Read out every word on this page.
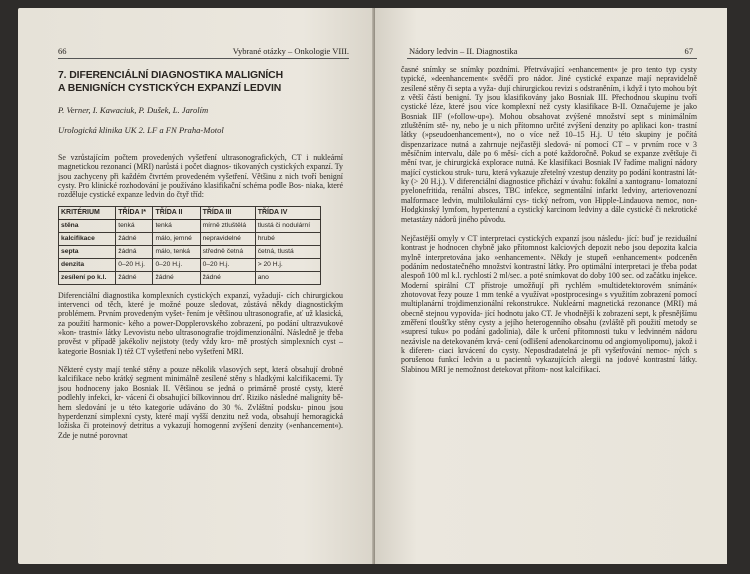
66	Vybrané otázky – Onkologie VIII.
7. DIFERENCIÁLNÍ DIAGNOSTIKA MALIGNÍCH
A BENIGNÍCH CYSTICKÝCH EXPANZÍ LEDVIN
P. Verner, I. Kawaciuk, P. Dušek, L. Jarolím
Urologická klinika UK 2. LF a FN Praha-Motol

Se vzrůstajícím počtem provedených vyšetření ultrasonografických, CT i nukleární magnetickou rezonancí (MRI) narůstá i počet diagnos- tikovaných cystických expanzí. Ty jsou zachyceny při každém čtvrtém provedeném vyšetření. Většinu z nich tvoří benigní cysty. Pro klinické rozhodování je používáno klasifikační schéma podle Bos- niaka, které rozděluje cystické expanze ledvin do čtyř tříd:

KRITÉRIUM	TŘÍDA I*	TŘÍDA II	TŘÍDA III	TŘÍDA IV
stěna	tenká	tenká	mírně ztluštělá	tlustá či nodulární
kalcifikace	žádné	málo, jemné	nepravidelné	hrubé
septa	žádná	málo, tenká	středně četná	četná, tlustá
denzita	0–20 H.j.	0–20 H.j.	0–20 H.j.	> 20 H.j.
zesílení po k.l.	žádné	žádné	žádné	ano

Diferenciální diagnostika komplexních cystických expanzí, vyžadují- cích chirurgickou intervenci od těch, které je možné pouze sledovat, zůstává někdy diagnostickým problémem. Prvním provedeným vyšet- řením je většinou ultrasonografie, ať už klasická, za použití harmonic- kého a power-Dopplerovského zobrazení, po podání ultrazvukové »kon- trastní« látky Levovistu nebo ultrasonografie trojdimenzionální. Následně je třeba prověst v případě jakékoliv nejistoty (tedy vždy kro- mě prostých simplexních cyst – kategorie Bosniak I) též CT vyšetření nebo vyšetření MRI.

Některé cysty mají tenké stěny a pouze několik vlasových sept, která obsahují drobné kalcifikace nebo krátký segment minimálně zesílené stěny s hladkými kalcifikacemi. Ty jsou hodnoceny jako Bosniak II. Většinou se jedná o primárně prosté cysty, které podlehly infekci, kr- vácení či obsahující bílkovinnou drť. Riziko následné maligníty bě- hem sledování je u této kategorie udáváno do 30 %. Zvláštní podsku- pinou jsou hyperdenzní simplexní cysty, které mají vyšší denzitu než voda, obsahují hemoragická ložiska či proteinový detritus a vykazují homogenní zvýšení denzity (»enhancement«). Zde je nutné porovnat

Nádory ledvin – II. Diagnostika	67

časné snímky se snímky pozdními. Přetrvávající »enhancement« je pro tento typ cysty typické, »deenhancement« svědčí pro nádor. Jiné cystické expanze mají nepravidelně zesílené stěny či septa a vyža- dují chirurgickou revizi s odstraněním, i když i tyto mohou být z větší části benigní. Ty jsou klasifikovány jako Bosniak III. Přechodnou skupinu tvoří cystické léze, které jsou více komplexní než cysty klasifikace B-II. Označujeme je jako Bosniak IIF (»follow-up«). Mohou obsahovat zvýšené množství sept s minimálním ztluštěním stě- ny, nebo je u nich přítomno určité zvýšení denzity po aplikaci kon- trastní látky (»pseudoenhancement«), no o více než 10–15 H.j. U této skupiny je počítá dispenzarizace nutná a zahrnuje nejčastěji sledová- ní pomocí CT – v prvním roce v 3 měsíčním intervalu, dále po 6 měsí- cích a poté každoročně. Pokud se expanze zvětšuje či mění tvar, je chirurgická explorace nutná. Ke klasifikaci Bosniak IV řadíme maligní nádory mající cystickou struk- turu, která vykazuje zřetelný vzestup denzity po podání kontrastní lát- ky (> 20 H.j.). V diferenciální diagnostice přichází v úvahu: fokální a xantogranu- lomatozní pyelonefritida, renální absces, TBC infekce, segmentální infarkt ledviny, arteriovenozní malformace ledvin, multilokulární cys- tický nefrom, von Hipple-Lindauova nemoc, non-Hodgkinský lymfom, hypertenzní a cystický karcinom ledviny a dále cystické či nekrotické metastázy nádorů jiného původu.

Nejčastější omyly v CT interpretaci cystických expanzí jsou následu- jící: buď je reziduální kontrast je hodnocen chybně jako přítomnost kalciových depozit nebo jsou depozita kalcia mylně interpretována jako »enhancement«. Někdy je stupeň »enhancement« podceněn podáním nedostatečného množství kontrastní látky. Pro optimální interpretaci je třeba podat alespoň 100 ml k.l. rychlostí 2 ml/sec. a poté snímkovat do doby 100 sec. od začátku injekce. Moderní spirální CT přístroje umožňují při rychlém »multidetektorovém snímání« zhotovovat řezy pouze 1 mm tenké a využívat »postprocesing« s využitím zobrazení pomocí multiplanární trojdimenzionální rekonstrukce. Nukleární magnetická rezonance (MRI) má obecně stejnou vypovída- jící hodnotu jako CT. Je vhodnější k zobrazení sept, k přesnějšímu změření tloušťky stěny cysty a jejího heterogenního obsahu (zvláště při použití metody se »supresí tuku« po podání gadolinia), dále k určení přítomnosti tuku v ledvinném nádoru nezávisle na detekovaném krvá- cení (odlišení adenokarcinomu od angiomyolipomu), jakož i k diferen- ciaci krvácení do cysty. Neposdradatelná je při vyšetřování nemoc- ných s porušenou funkcí ledvin a u pacientů vykazujících alergii na jodové kontrastní látky. Slabinou MRI je nemožnost detekovat přítom- nost kalcifikací.
